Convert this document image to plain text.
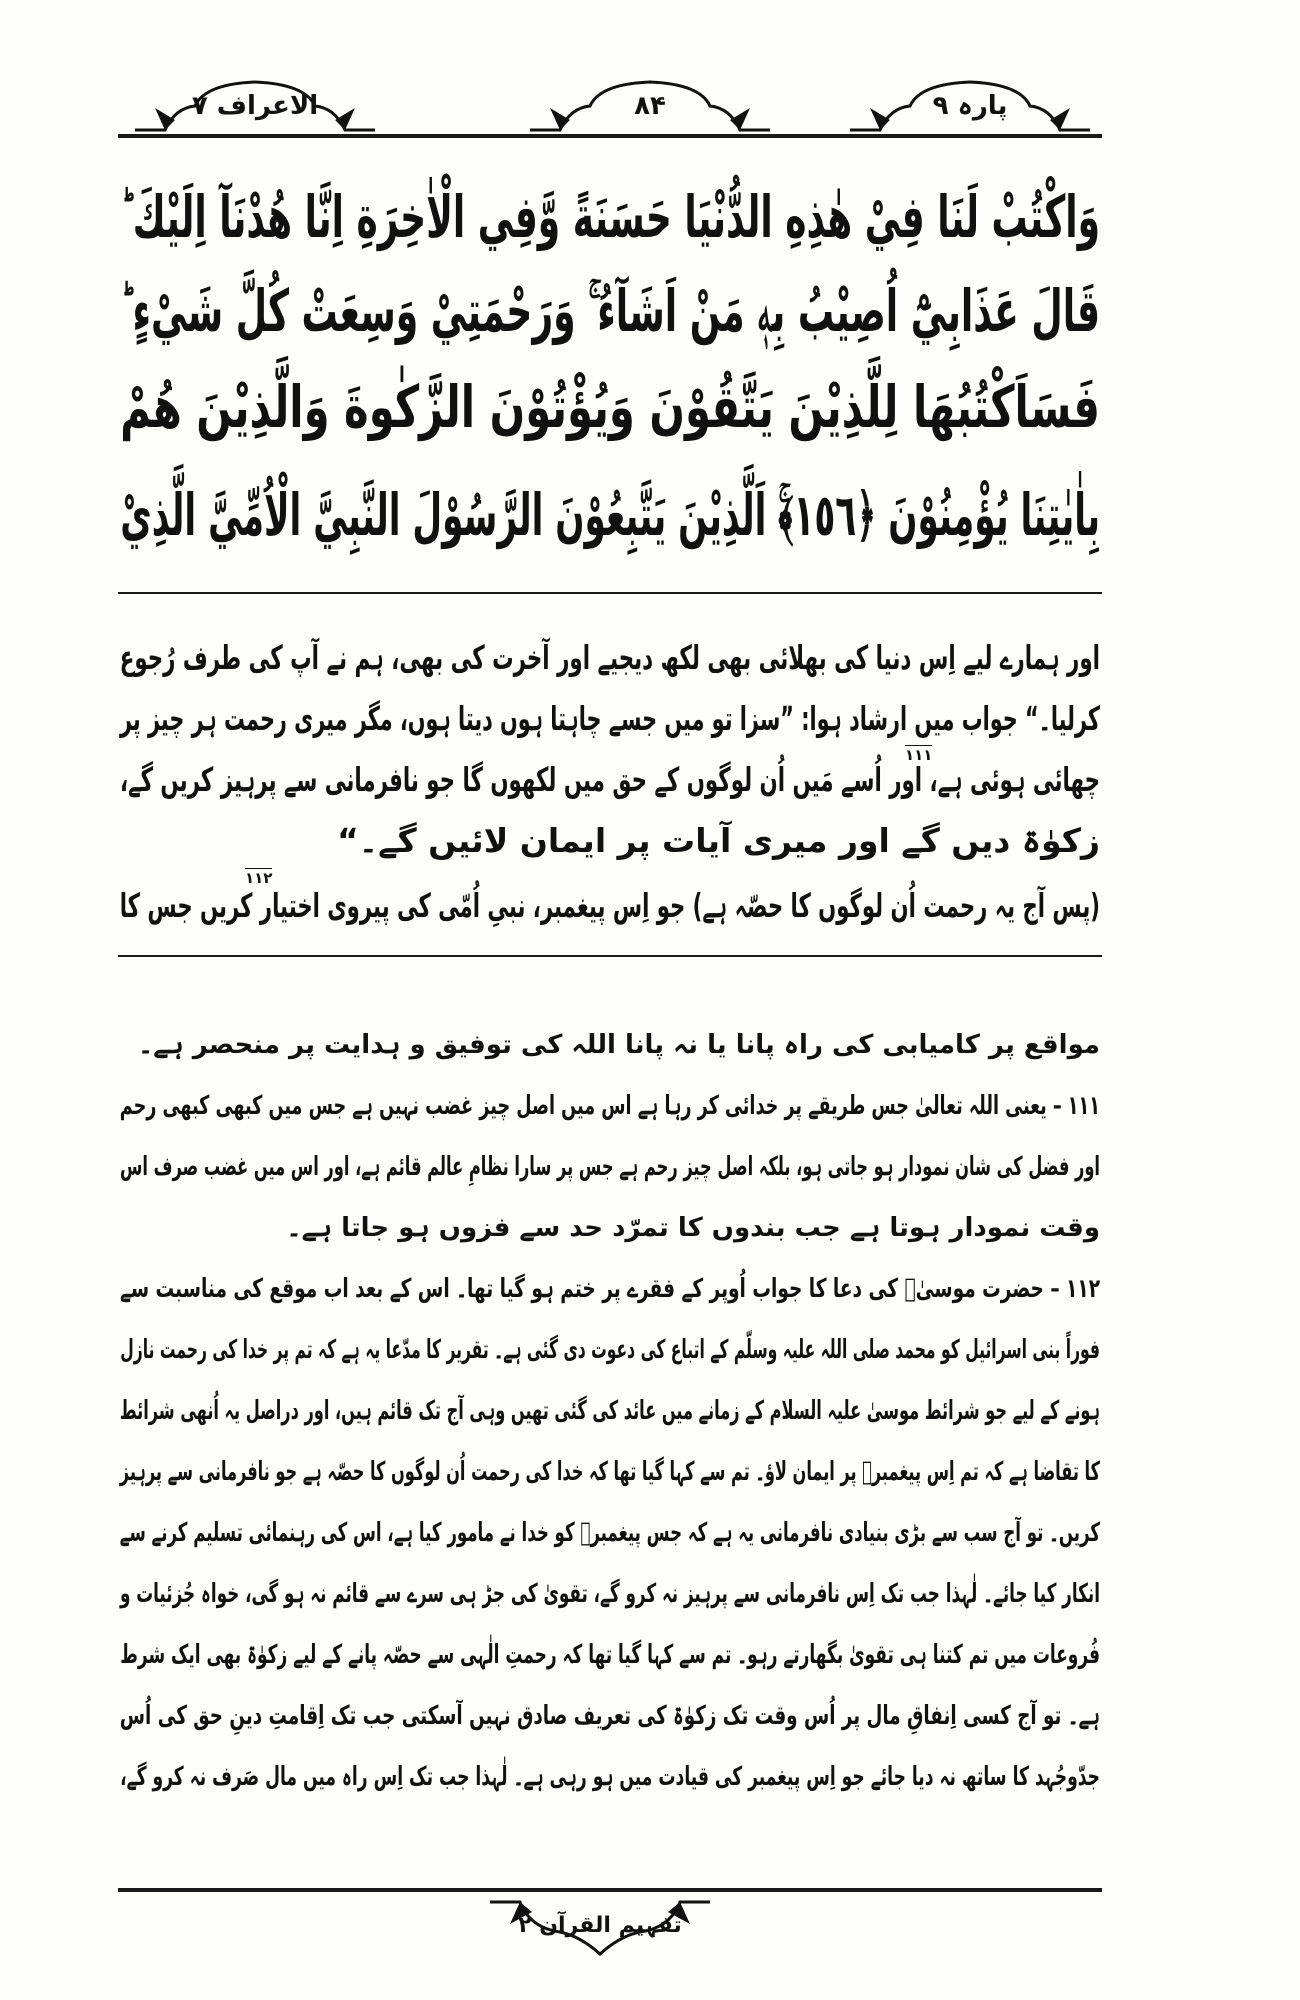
پارہ ۹
۸۴
الاعراف ۷
وَاكْتُبْ لَنَا فِيْ هٰذِهِ الدُّنْيَا حَسَنَةً وَّفِي الْاٰخِرَةِ اِنَّا هُدْنَآ اِلَيْكَ ؕ
قَالَ عَذَابِيْٓ اُصِيْبُ بِهٖ مَنْ اَشَآءُ ۚ وَرَحْمَتِيْ وَسِعَتْ كُلَّ شَيْءٍ ؕ
فَسَاَكْتُبُهَا لِلَّذِيْنَ يَتَّقُوْنَ وَيُؤْتُوْنَ الزَّكٰوةَ وَالَّذِيْنَ هُمْ
بِاٰيٰتِنَا يُؤْمِنُوْنَ ﴿١٥٦﴾ۚ اَلَّذِيْنَ يَتَّبِعُوْنَ الرَّسُوْلَ النَّبِيَّ الْاُمِّيَّ الَّذِيْ
اور ہمارے لیے اِس دنیا کی بھلائی بھی لکھ دیجیے اور آخرت کی بھی، ہم نے آپ کی طرف رُجوع
کرلیا۔“ جواب میں ارشاد ہوا: ”سزا تو میں جسے چاہتا ہوں دیتا ہوں، مگر میری رحمت ہر چیز پر
چھائی ہوئی ہے، اور اُسے مَیں اُن لوگوں کے حق میں لکھوں گا جو نافرمانی سے پرہیز کریں گے،
زکوٰۃ دیں گے اور میری آیات پر ایمان لائیں گے۔“
(پس آج یہ رحمت اُن لوگوں کا حصّہ ہے) جو اِس پیغمبر، نبیِ اُمّی کی پیروی اختیار کریں جس کا
۱۱۱
۱۱۲
مواقع پر کامیابی کی راہ پانا یا نہ پانا اللہ کی توفیق و ہدایت پر منحصر ہے۔
۱۱۱ – یعنی اللہ تعالیٰ جس طریقے پر خدائی کر رہا ہے اس میں اصل چیز غضب نہیں ہے جس میں کبھی کبھی رحم
اور فضل کی شان نمودار ہو جاتی ہو، بلکہ اصل چیز رحم ہے جس پر سارا نظامِ عالم قائم ہے، اور اس میں غضب صرف اس
وقت نمودار ہوتا ہے جب بندوں کا تمرّد حد سے فزوں ہو جاتا ہے۔
۱۱۲ – حضرت موسیٰؑ کی دعا کا جواب اُوپر کے فقرے پر ختم ہو گیا تھا۔ اس کے بعد اب موقع کی مناسبت سے
فوراً بنی اسرائیل کو محمد صلی اللہ علیہ وسلّم کے اتباع کی دعوت دی گئی ہے۔ تقریر کا مدّعا یہ ہے کہ تم پر خدا کی رحمت نازل
ہونے کے لیے جو شرائط موسیٰ علیہ السلام کے زمانے میں عائد کی گئی تھیں وہی آج تک قائم ہیں، اور دراصل یہ اُنھی شرائط
کا تقاضا ہے کہ تم اِس پیغمبرؐ پر ایمان لاؤ۔ تم سے کہا گیا تھا کہ خدا کی رحمت اُن لوگوں کا حصّہ ہے جو نافرمانی سے پرہیز
کریں۔ تو آج سب سے بڑی بنیادی نافرمانی یہ ہے کہ جس پیغمبرؐ کو خدا نے مامور کیا ہے، اس کی رہنمائی تسلیم کرنے سے
انکار کیا جائے۔ لٰہذا جب تک اِس نافرمانی سے پرہیز نہ کرو گے، تقویٰ کی جڑ ہی سرے سے قائم نہ ہو گی، خواہ جُزئیات و
فُروعات میں تم کتنا ہی تقویٰ بگھارتے رہو۔ تم سے کہا گیا تھا کہ رحمتِ الٰہی سے حصّہ پانے کے لیے زکوٰۃ بھی ایک شرط
ہے۔ تو آج کسی اِنفاقِ مال پر اُس وقت تک زکوٰۃ کی تعریف صادق نہیں آسکتی جب تک اِقامتِ دینِ حق کی اُس
جدّوجُہد کا ساتھ نہ دیا جائے جو اِس پیغمبر کی قیادت میں ہو رہی ہے۔ لٰہذا جب تک اِس راہ میں مال صَرف نہ کرو گے،
تفہیم القرآن ۲
